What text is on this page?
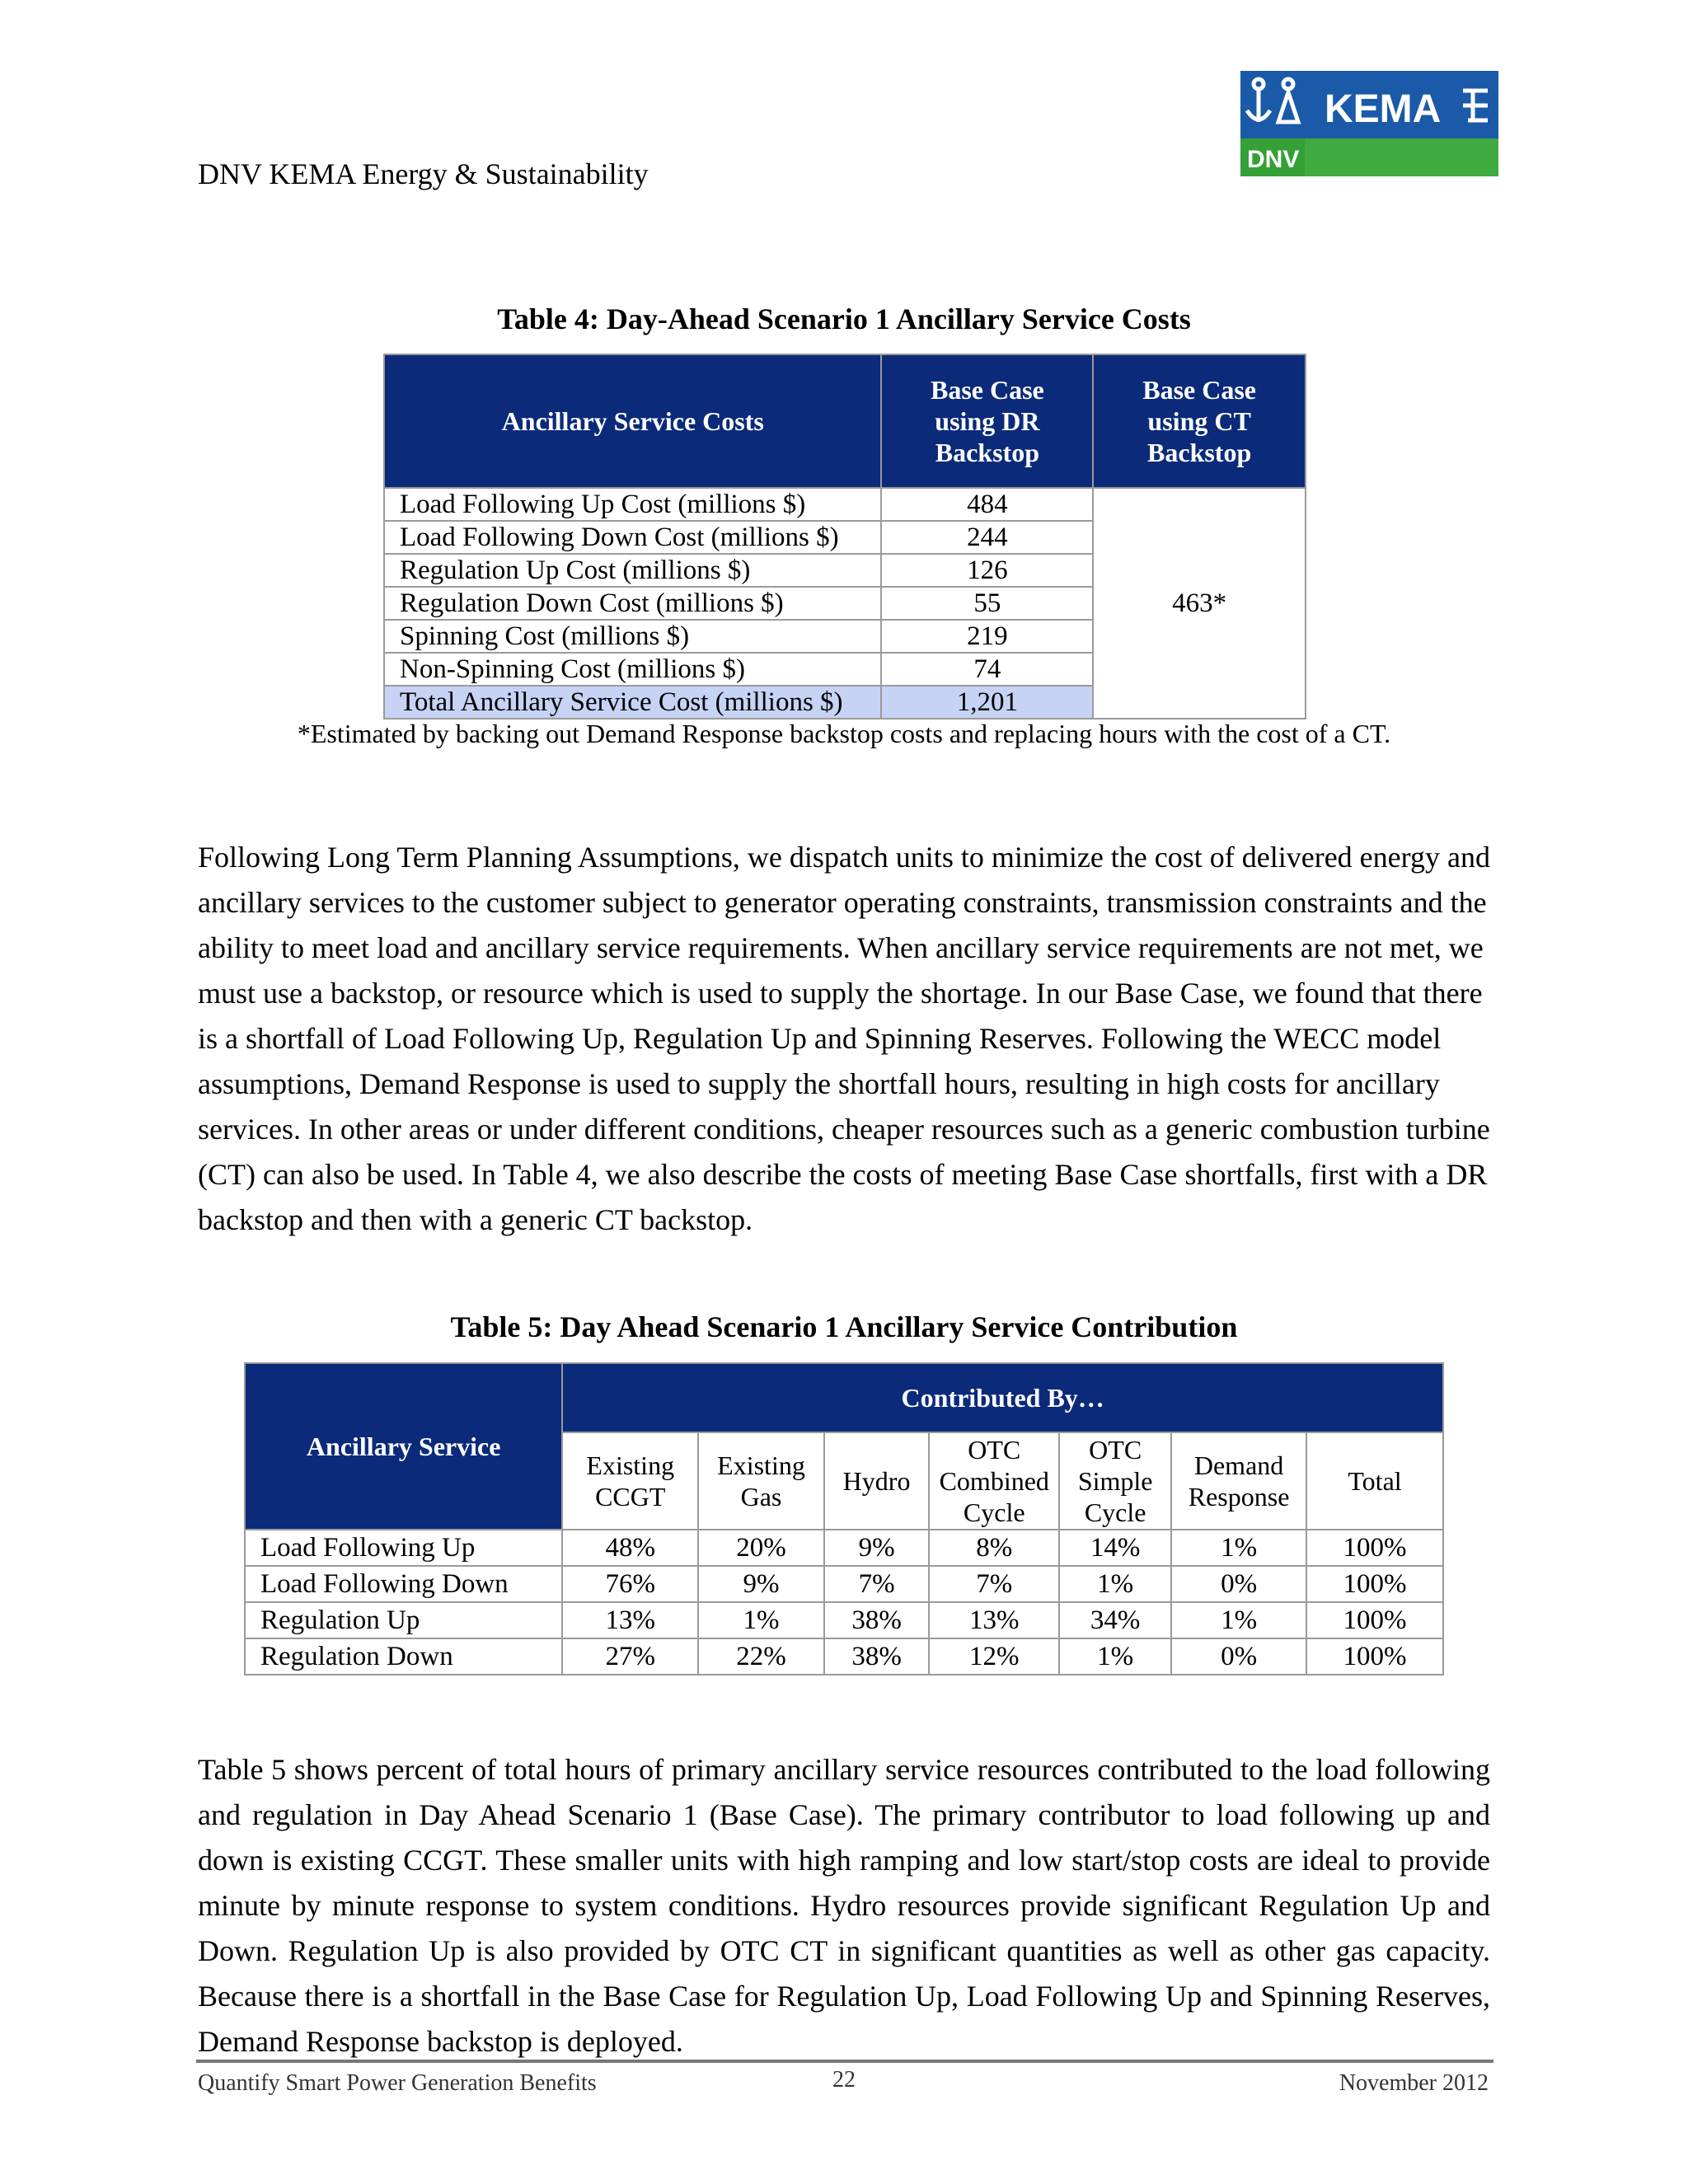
DNV KEMA Energy & Sustainability
KEMA
DNV
Table 4: Day-Ahead Scenario 1 Ancillary Service Costs
Ancillary Service Costs	Base Case using DR Backstop	Base Case using CT Backstop
Load Following Up Cost (millions $)	484	463*
Load Following Down Cost (millions $)	244	
Regulation Up Cost (millions $)	126	
Regulation Down Cost (millions $)	55	
Spinning Cost (millions $)	219	
Non-Spinning Cost (millions $)	74	
Total Ancillary Service Cost (millions $)	1,201	
*Estimated by backing out Demand Response backstop costs and replacing hours with the cost of a CT.
Following Long Term Planning Assumptions, we dispatch units to minimize the cost of delivered energy and ancillary services to the customer subject to generator operating constraints, transmission constraints and the ability to meet load and ancillary service requirements. When ancillary service requirements are not met, we must use a backstop, or resource which is used to supply the shortage. In our Base Case, we found that there is a shortfall of Load Following Up, Regulation Up and Spinning Reserves. Following the WECC model assumptions, Demand Response is used to supply the shortfall hours, resulting in high costs for ancillary services. In other areas or under different conditions, cheaper resources such as a generic combustion turbine (CT) can also be used. In Table 4, we also describe the costs of meeting Base Case shortfalls, first with a DR backstop and then with a generic CT backstop.
Table 5: Day Ahead Scenario 1 Ancillary Service Contribution
Ancillary Service	Contributed By…						
	Existing CCGT	Existing Gas	Hydro	OTC Combined Cycle	OTC Simple Cycle	Demand Response	Total
Load Following Up	48%	20%	9%	8%	14%	1%	100%
Load Following Down	76%	9%	7%	7%	1%	0%	100%
Regulation Up	13%	1%	38%	13%	34%	1%	100%
Regulation Down	27%	22%	38%	12%	1%	0%	100%
Table 5 shows percent of total hours of primary ancillary service resources contributed to the load following and regulation in Day Ahead Scenario 1 (Base Case). The primary contributor to load following up and down is existing CCGT. These smaller units with high ramping and low start/stop costs are ideal to provide minute by minute response to system conditions. Hydro resources provide significant Regulation Up and Down. Regulation Up is also provided by OTC CT in significant quantities as well as other gas capacity. Because there is a shortfall in the Base Case for Regulation Up, Load Following Up and Spinning Reserves, Demand Response backstop is deployed.
Quantify Smart Power Generation Benefits	22	November 2012
